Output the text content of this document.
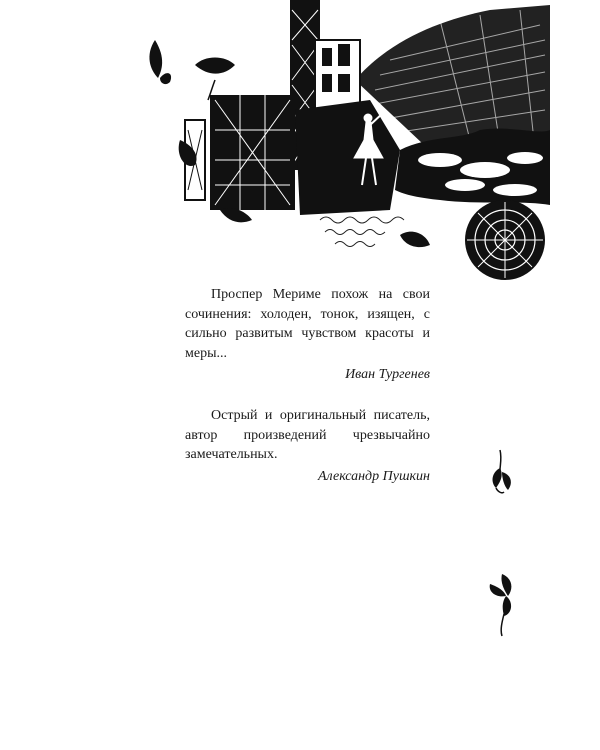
Проспер Мериме похож на свои сочинения: холоден, тонок, изящен, с сильно развитым чувством красоты и меры...

Иван Тургенев

Острый и оригинальный писатель, автор произведений чрезвычайно замечательных.

Александр Пушкин
